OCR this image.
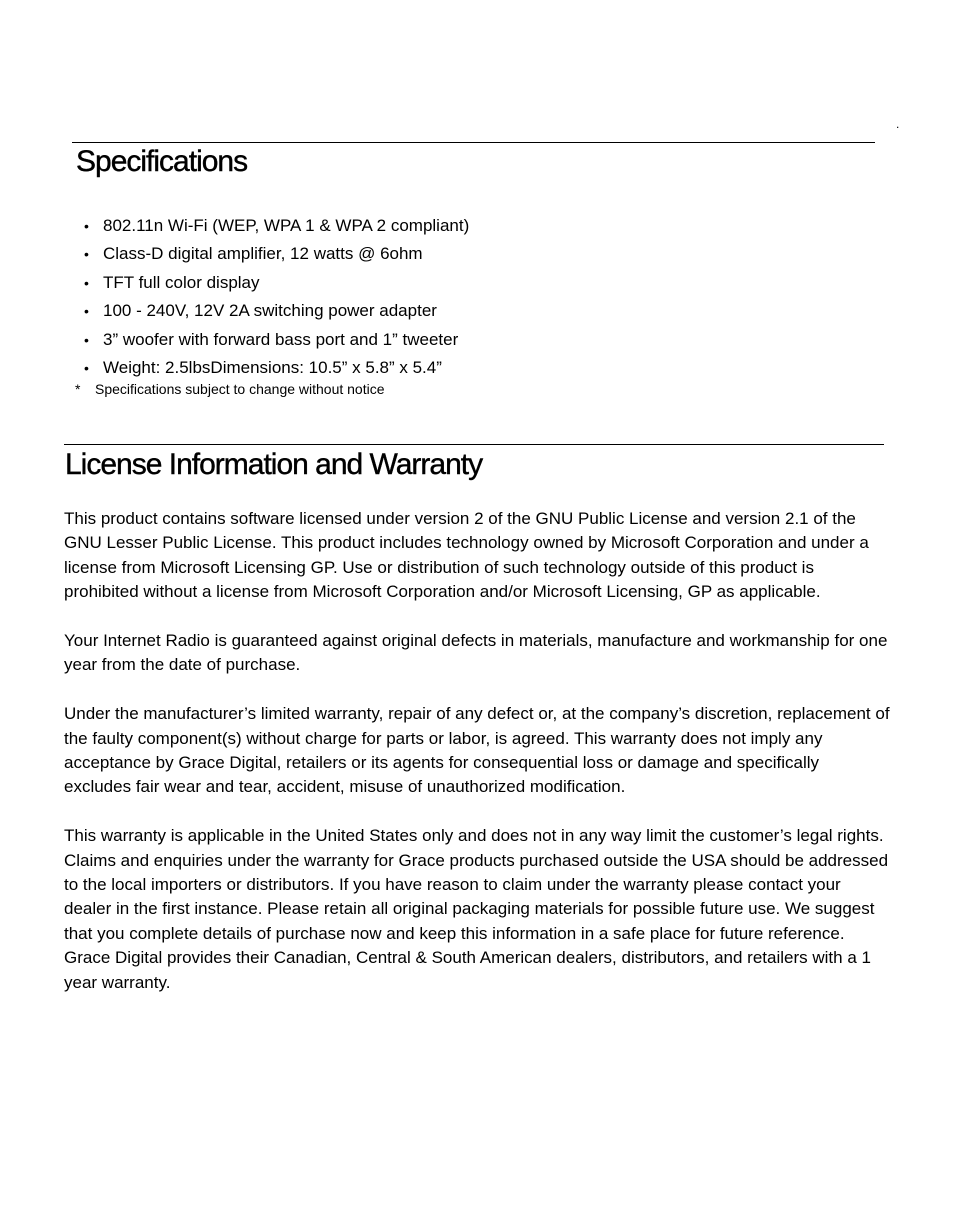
.
Specifications
• 802.11n Wi-Fi (WEP, WPA 1 & WPA 2 compliant)
• Class-D digital amplifier, 12 watts @ 6ohm
• TFT full color display
• 100 - 240V, 12V 2A switching power adapter
• 3” woofer with forward bass port and 1” tweeter
• Weight: 2.5lbsDimensions: 10.5” x 5.8” x 5.4”
* Specifications subject to change without notice
License Information and Warranty

This product contains software licensed under version 2 of the GNU Public License and version 2.1 of the GNU Lesser Public License. This product includes technology owned by Microsoft Corporation and under a license from Microsoft Licensing GP. Use or distribution of such technology outside of this product is prohibited without a license from Microsoft Corporation and/or Microsoft Licensing, GP as applicable.

Your Internet Radio is guaranteed against original defects in materials, manufacture and workmanship for one year from the date of purchase.

Under the manufacturer’s limited warranty, repair of any defect or, at the company’s discretion, replacement of the faulty component(s) without charge for parts or labor, is agreed. This warranty does not imply any acceptance by Grace Digital, retailers or its agents for consequential loss or damage and specifically excludes fair wear and tear, accident, misuse of unauthorized modification.

This warranty is applicable in the United States only and does not in any way limit the customer’s legal rights. Claims and enquiries under the warranty for Grace products purchased outside the USA should be addressed to the local importers or distributors. If you have reason to claim under the warranty please contact your dealer in the first instance. Please retain all original packaging materials for possible future use. We suggest that you complete details of purchase now and keep this information in a safe place for future reference. Grace Digital provides their Canadian, Central & South American dealers, distributors, and retailers with a 1 year warranty.
